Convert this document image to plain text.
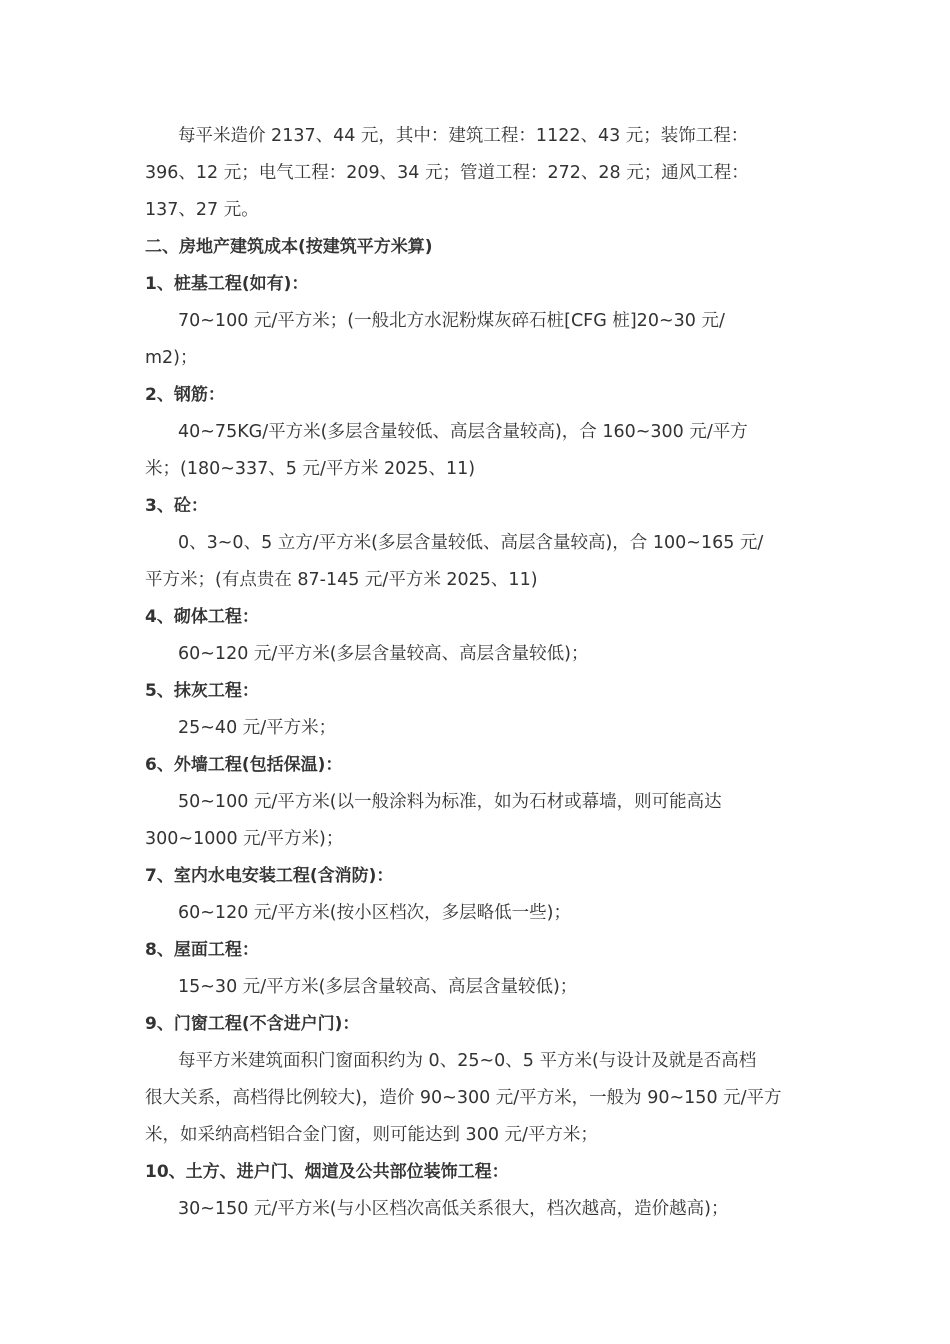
每平米造价 2137、44 元，其中：建筑工程：1122、43 元；装饰工程：
396、12 元；电气工程：209、34 元；管道工程：272、28 元；通风工程：
137、27 元。
二、房地产建筑成本(按建筑平方米算)
1、桩基工程(如有)：
70~100 元/平方米；(一般北方水泥粉煤灰碎石桩[CFG 桩]20~30 元/
m2)；
2、钢筋：
40~75KG/平方米(多层含量较低、高层含量较高)，合 160~300 元/平方
米；(180~337、5 元/平方米 2025、11)
3、砼：
0、3~0、5 立方/平方米(多层含量较低、高层含量较高)，合 100~165 元/
平方米；(有点贵在 87-145 元/平方米 2025、11)
4、砌体工程：
60~120 元/平方米(多层含量较高、高层含量较低)；
5、抹灰工程：
25~40 元/平方米；
6、外墙工程(包括保温)：
50~100 元/平方米(以一般涂料为标准，如为石材或幕墙，则可能高达
300~1000 元/平方米)；
7、室内水电安装工程(含消防)：
60~120 元/平方米(按小区档次，多层略低一些)；
8、屋面工程：
15~30 元/平方米(多层含量较高、高层含量较低)；
9、门窗工程(不含进户门)：
每平方米建筑面积门窗面积约为 0、25~0、5 平方米(与设计及就是否高档
很大关系，高档得比例较大)，造价 90~300 元/平方米，一般为 90~150 元/平方
米，如采纳高档铝合金门窗，则可能达到 300 元/平方米；
10、土方、进户门、烟道及公共部位装饰工程：
30~150 元/平方米(与小区档次高低关系很大，档次越高，造价越高)；
